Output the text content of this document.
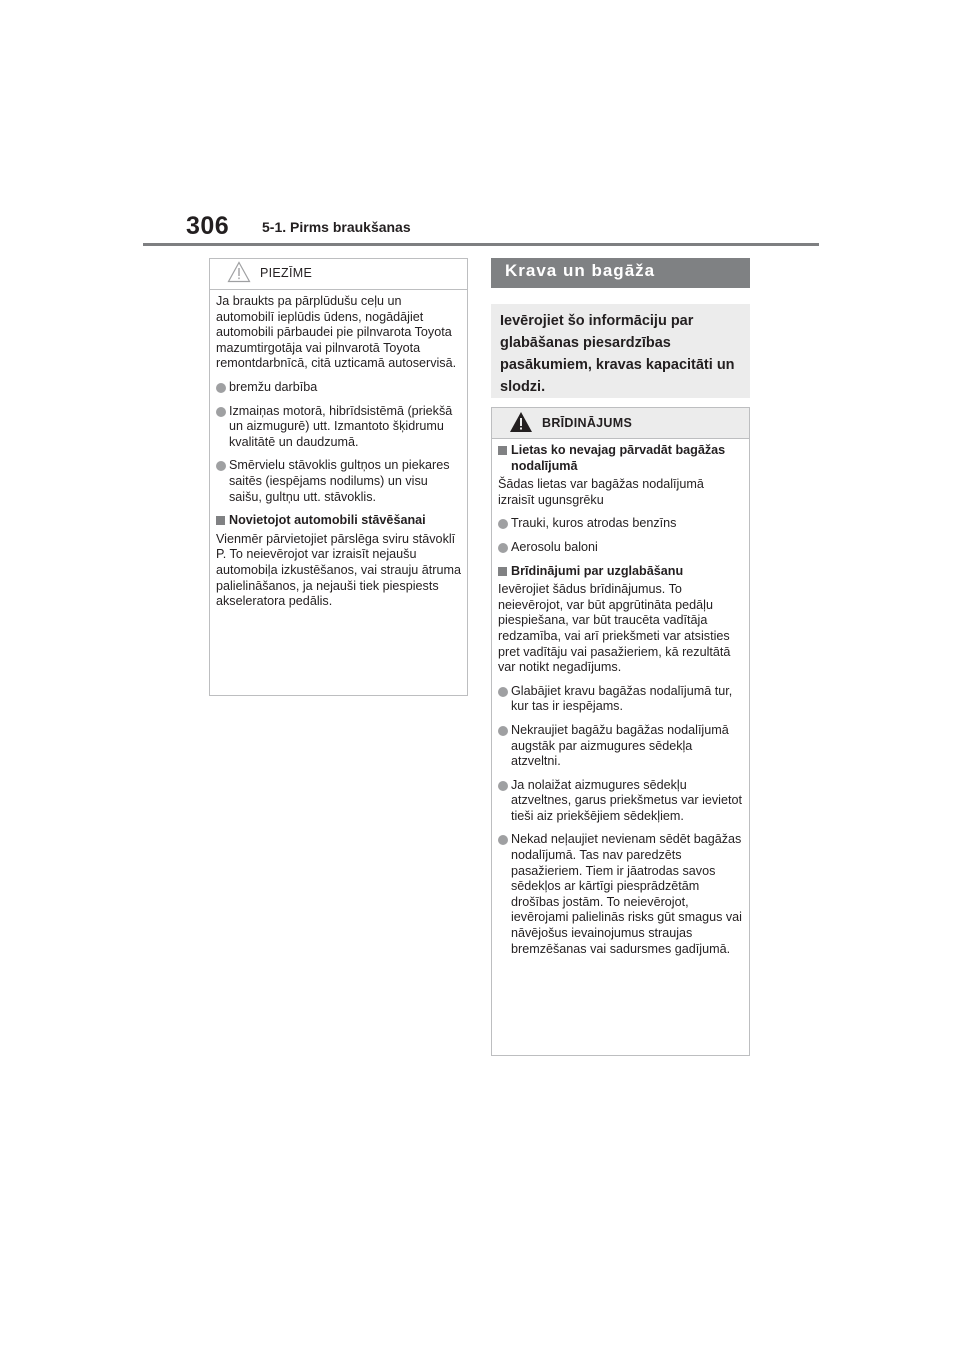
306 5-1. Pirms braukšanas
PIEZĪME

Ja braukts pa pārplūdušu ceļu un automobilī ieplūdis ūdens, nogādājiet automobili pārbaudei pie pilnvarota Toyota mazumtirgotāja vai pilnvarotā Toyota remontdarbnīcā, citā uzticamā autoservisā.

bremžu darbība
Izmaiņas motorā, hibrīdsistēmā (priekšā un aizmugurē) utt. Izmantoto šķidrumu kvalitātē un daudzumā.
Smērvielu stāvoklis gultņos un piekares saitēs (iespējams nodilums) un visu saišu, gultņu utt. stāvoklis.
Novietojot automobili stāvēšanai

Vienmēr pārvietojiet pārslēga sviru stāvoklī P. To neievērojot var izraisīt nejaušu automobiļa izkustēšanos, vai strauju ātruma palielināšanos, ja nejauši tiek piespiests akseleratora pedālis.

Krava un bagāža
Ievērojiet šo informāciju par glabāšanas piesardzības pasākumiem, kravas kapacitāti un slodzi.
BRĪDINĀJUMS
Lietas ko nevajag pārvadāt bagāžas nodalījumā

Šādas lietas var bagāžas nodalījumā izraisīt ugunsgrēku

Trauki, kuros atrodas benzīns
Aerosolu baloni
Brīdinājumi par uzglabāšanu

Ievērojiet šādus brīdinājumus. To neievērojot, var būt apgrūtināta pedāļu piespiešana, var būt traucēta vadītāja redzamība, vai arī priekšmeti var atsisties pret vadītāju vai pasažieriem, kā rezultātā var notikt negadījums.

Glabājiet kravu bagāžas nodalījumā tur, kur tas ir iespējams.
Nekraujiet bagāžu bagāžas nodalījumā augstāk par aizmugures sēdekļa atzveltni.
Ja nolaižat aizmugures sēdekļu atzveltnes, garus priekšmetus var ievietot tieši aiz priekšējiem sēdekļiem.
Nekad neļaujiet nevienam sēdēt bagāžas nodalījumā. Tas nav paredzēts pasažieriem. Tiem ir jāatrodas savos sēdekļos ar kārtīgi piesprādzētām drošības jostām. To neievērojot, ievērojami palielinās risks gūt smagus vai nāvējošus ievainojumus straujas bremzēšanas vai sadursmes gadījumā.
